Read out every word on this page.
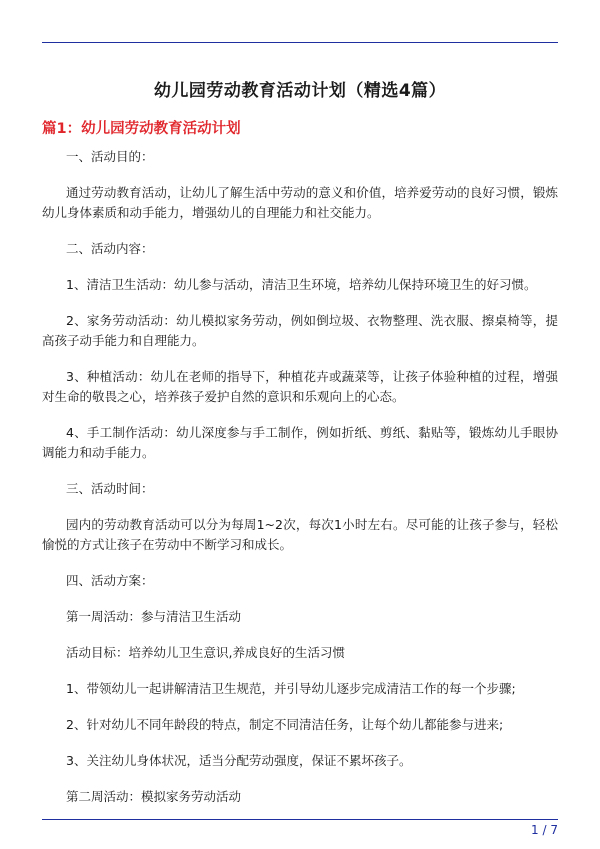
幼儿园劳动教育活动计划（精选4篇）
篇1：幼儿园劳动教育活动计划

一、活动目的：

通过劳动教育活动，让幼儿了解生活中劳动的意义和价值，培养爱劳动的良好习惯，锻炼幼儿身体素质和动手能力，增强幼儿的自理能力和社交能力。

二、活动内容：

1、清洁卫生活动：幼儿参与活动，清洁卫生环境，培养幼儿保持环境卫生的好习惯。

2、家务劳动活动：幼儿模拟家务劳动，例如倒垃圾、衣物整理、洗衣服、擦桌椅等，提高孩子动手能力和自理能力。

3、种植活动：幼儿在老师的指导下，种植花卉或蔬菜等，让孩子体验种植的过程，增强对生命的敬畏之心，培养孩子爱护自然的意识和乐观向上的心态。

4、手工制作活动：幼儿深度参与手工制作，例如折纸、剪纸、黏贴等，锻炼幼儿手眼协调能力和动手能力。

三、活动时间：

园内的劳动教育活动可以分为每周1~2次，每次1小时左右。尽可能的让孩子参与，轻松愉悦的方式让孩子在劳动中不断学习和成长。

四、活动方案：

第一周活动：参与清洁卫生活动

活动目标：培养幼儿卫生意识,养成良好的生活习惯

1、带领幼儿一起讲解清洁卫生规范，并引导幼儿逐步完成清洁工作的每一个步骤;

2、针对幼儿不同年龄段的特点，制定不同清洁任务，让每个幼儿都能参与进来;

3、关注幼儿身体状况，适当分配劳动强度，保证不累坏孩子。

第二周活动：模拟家务劳动活动

1 / 7
